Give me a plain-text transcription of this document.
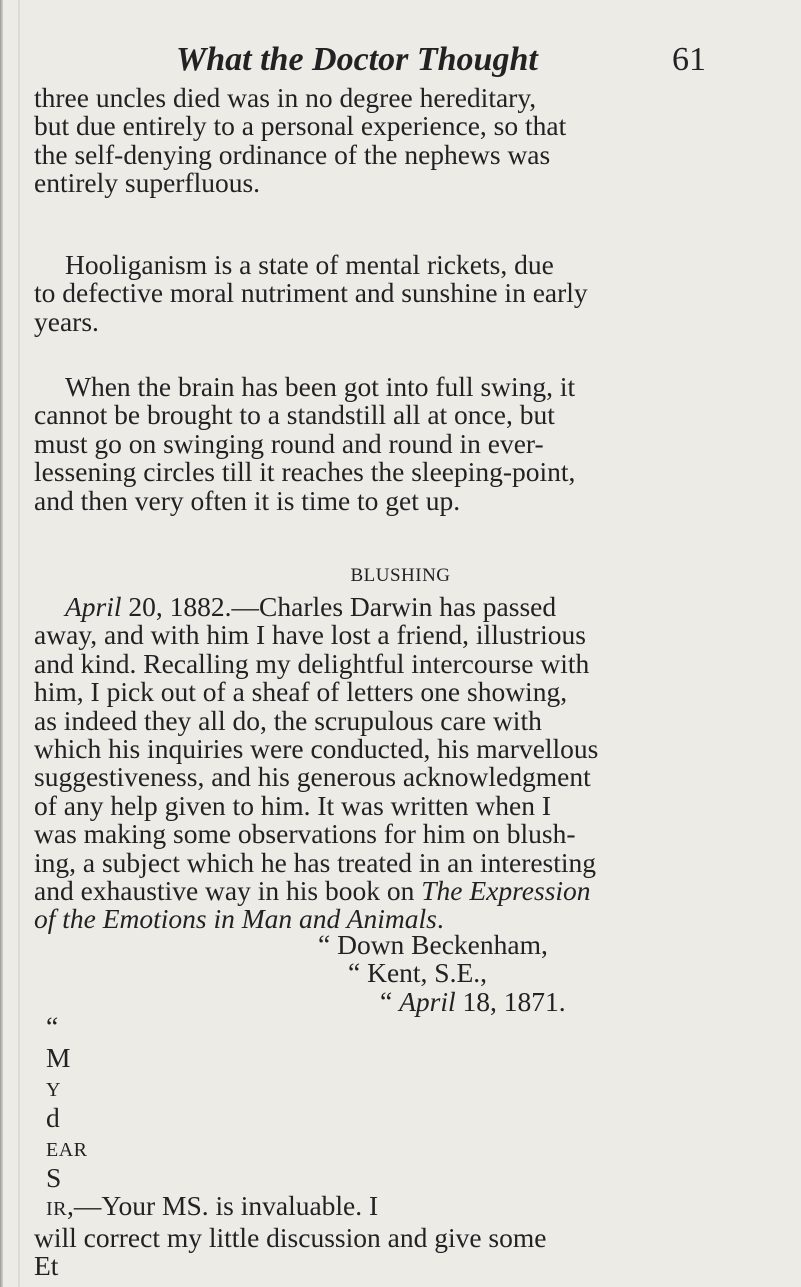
What the Doctor Thought	61

three uncles died was in no degree hereditary,
but due entirely to a personal experience, so that
the self-denying ordinance of the nephews was
entirely superfluous.

Hooliganism is a state of mental rickets, due
to defective moral nutriment and sunshine in early
years.

When the brain has been got into full swing, it
cannot be brought to a standstill all at once, but
must go on swinging round and round in ever-
lessening circles till it reaches the sleeping-point,
and then very often it is time to get up.

BLUSHING

April 20, 1882.—Charles Darwin has passed
away, and with him I have lost a friend, illustrious
and kind. Recalling my delightful intercourse with
him, I pick out of a sheaf of letters one showing,
as indeed they all do, the scrupulous care with
which his inquiries were conducted, his marvellous
suggestiveness, and his generous acknowledgment
of any help given to him. It was written when I
was making some observations for him on blush-
ing, a subject which he has treated in an interesting
and exhaustive way in his book on The Expression
of the Emotions in Man and Animals.

“ Down Beckenham,
“ Kent, S.E.,
“ April 18, 1871.

“
M
Y
d
EAR
S
IR,—Your MS. is invaluable. I
will correct my little discussion and give some
Et
